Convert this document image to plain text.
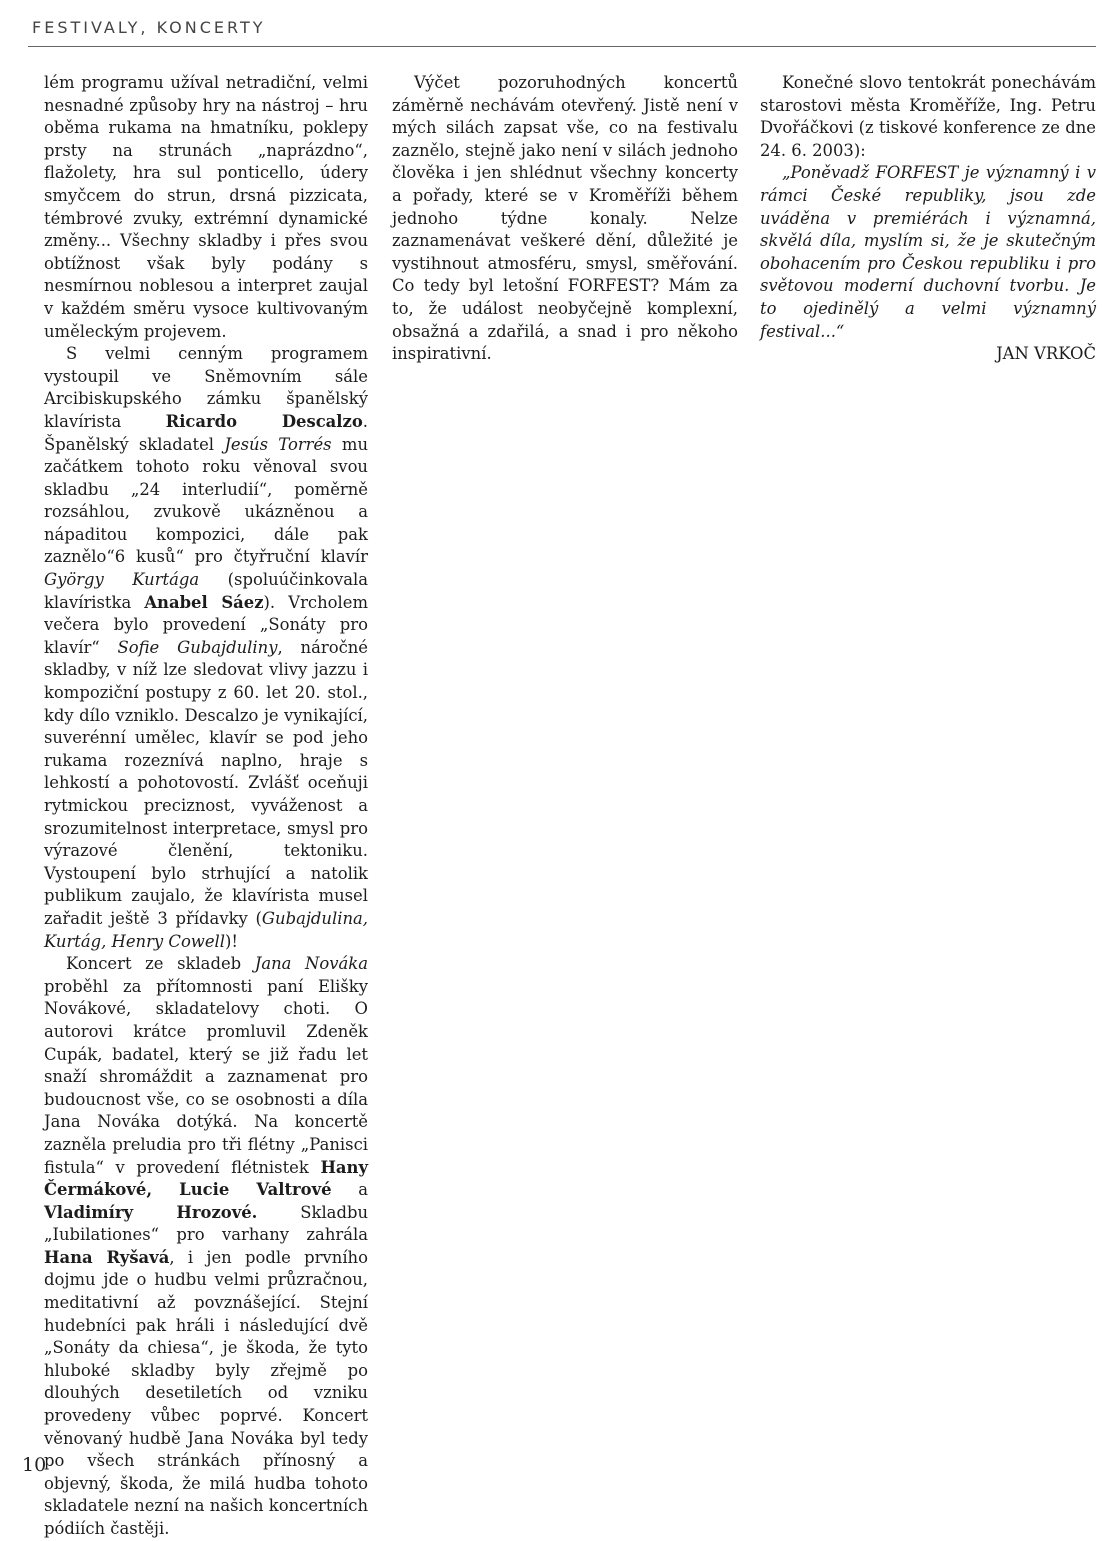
FESTIVALY, KONCERTY

lém programu užíval netradiční, velmi nesnadné způsoby hry na nástroj – hru oběma rukama na hmatníku, poklepy prsty na strunách „naprázdno“, flažolety, hra sul ponticello, údery smyčcem do strun, drsná pizzicata, témbrové zvuky, extrémní dynamické změny... Všechny skladby i přes svou obtížnost však byly podány s nesmírnou noblesou a interpret zaujal v každém směru vysoce kultivovaným uměleckým projevem.

S velmi cenným programem vystoupil ve Sněmovním sále Arcibiskupského zámku španělský klavírista Ricardo Descalzo. Španělský skladatel Jesús Torrés mu začátkem tohoto roku věnoval svou skladbu „24 interludií“, poměrně rozsáhlou, zvukově ukázněnou a nápaditou kompozici, dále pak zaznělo“6 kusů“ pro čtyřruční klavír György Kurtága (spoluúčinkovala klavíristka Anabel Sáez). Vrcholem večera bylo provedení „Sonáty pro klavír“ Sofie Gubajduliny, náročné skladby, v níž lze sledovat vlivy jazzu i kompoziční postupy z 60. let 20. stol., kdy dílo vzniklo. Descalzo je vynikající, suverénní umělec, klavír se pod jeho rukama rozeznívá naplno, hraje s lehkostí a pohotovostí. Zvlášť oceňuji rytmickou preciznost, vyváženost a srozumitelnost interpretace, smysl pro výrazové členění, tektoniku. Vystoupení bylo strhující a natolik publikum zaujalo, že klavírista musel zařadit ještě 3 přídavky (Gubajdulina, Kurtág, Henry Cowell)!

Koncert ze skladeb Jana Nováka proběhl za přítomnosti paní Elišky Novákové, skladatelovy choti. O autorovi krátce promluvil Zdeněk Cupák, badatel, který se již řadu let snaží shromáždit a zaznamenat pro budoucnost vše, co se osobnosti a díla Jana Nováka dotýká. Na koncertě zazněla preludia pro tři flétny „Panisci fistula“ v provedení flétnistek Hany Čermákové, Lucie Valtrové a Vladimíry Hrozové. Skladbu „Iubilationes“ pro varhany zahrála Hana Ryšavá, i jen podle prvního dojmu jde o hudbu velmi průzračnou, meditativní až povznášející. Stejní hudebníci pak hráli i následující dvě „Sonáty da chiesa“, je škoda, že tyto hluboké skladby byly zřejmě po dlouhých desetiletích od vzniku provedeny vůbec poprvé. Koncert věnovaný hudbě Jana Nováka byl tedy po všech stránkách přínosný a objevný, škoda, že milá hudba tohoto skladatele nezní na našich koncertních pódiích častěji.

Výčet pozoruhodných koncertů záměrně nechávám otevřený. Jistě není v mých silách zapsat vše, co na festivalu zaznělo, stejně jako není v silách jednoho člověka i jen shlédnut všechny koncerty a pořady, které se v Kroměříži během jednoho týdne konaly. Nelze zaznamenávat veškeré dění, důležité je vystihnout atmosféru, smysl, směřování. Co tedy byl letošní FORFEST? Mám za to, že událost neobyčejně komplexní, obsažná a zdařilá, a snad i pro někoho inspirativní.

Konečné slovo tentokrát ponechávám starostovi města Kroměříže, Ing. Petru Dvořáčkovi (z tiskové konference ze dne 24. 6. 2003):

„Poněvadž FORFEST je významný i v rámci České republiky, jsou zde uváděna v premiérách i významná, skvělá díla, myslím si, že je skutečným obohacením pro Českou republiku i pro světovou moderní duchovní tvorbu. Je to ojedinělý a velmi významný festival...“

JAN VRKOČ
10
